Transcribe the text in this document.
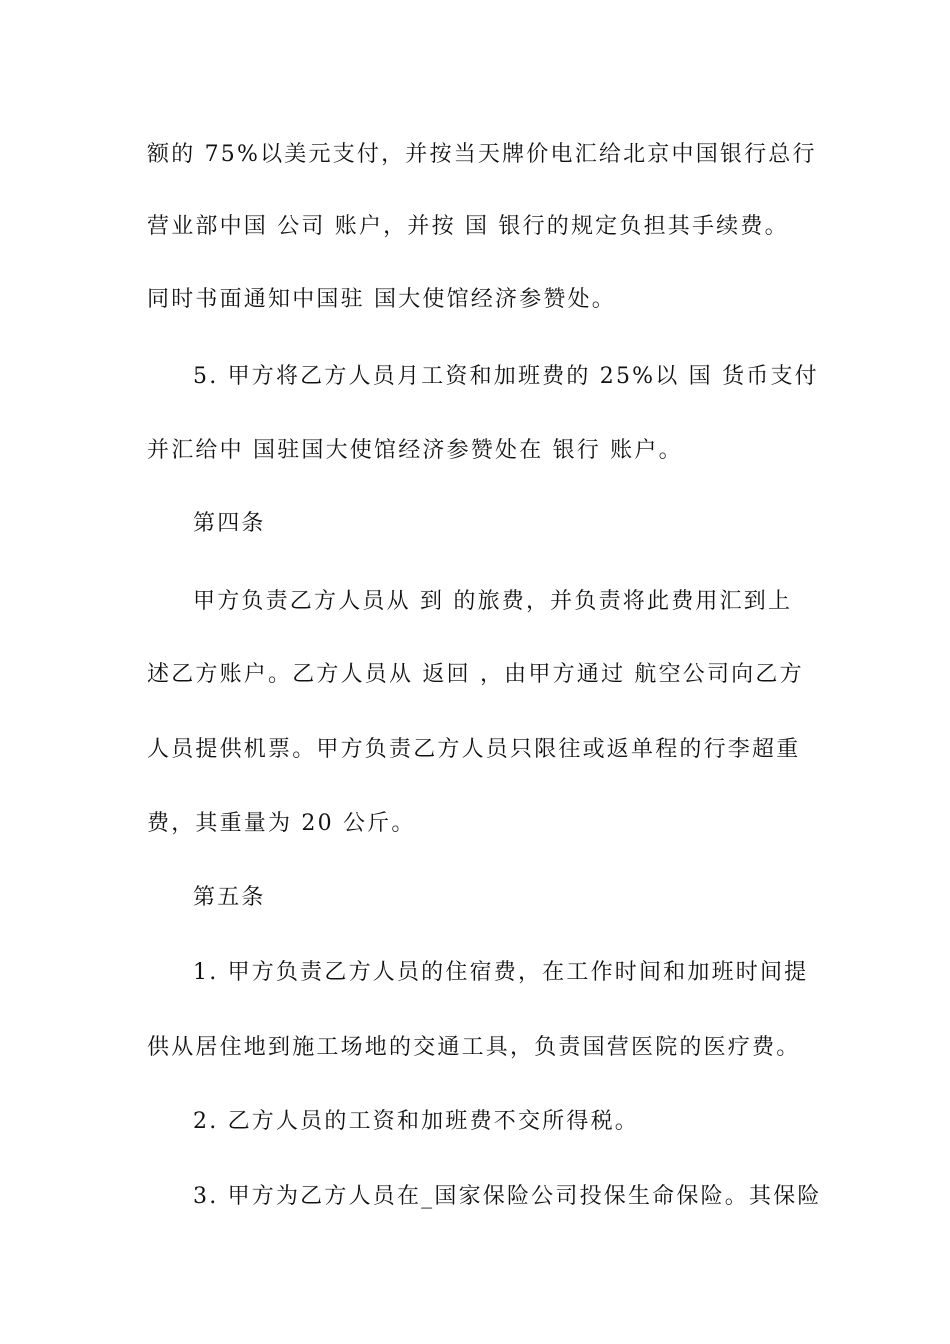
额的 75%以美元支付，并按当天牌价电汇给北京中国银行总行
营业部中国 公司 账户，并按 国 银行的规定负担其手续费。
同时书面通知中国驻 国大使馆经济参赞处。
5. 甲方将乙方人员月工资和加班费的 25%以 国 货币支付
并汇给中 国驻国大使馆经济参赞处在 银行 账户。
第四条
甲方负责乙方人员从 到 的旅费，并负责将此费用汇到上
述乙方账户。乙方人员从 返回 ，由甲方通过 航空公司向乙方
人员提供机票。甲方负责乙方人员只限往或返单程的行李超重
费，其重量为 20 公斤。
第五条
1. 甲方负责乙方人员的住宿费，在工作时间和加班时间提
供从居住地到施工场地的交通工具，负责国营医院的医疗费。
2. 乙方人员的工资和加班费不交所得税。
3. 甲方为乙方人员在_国家保险公司投保生命保险。其保险
